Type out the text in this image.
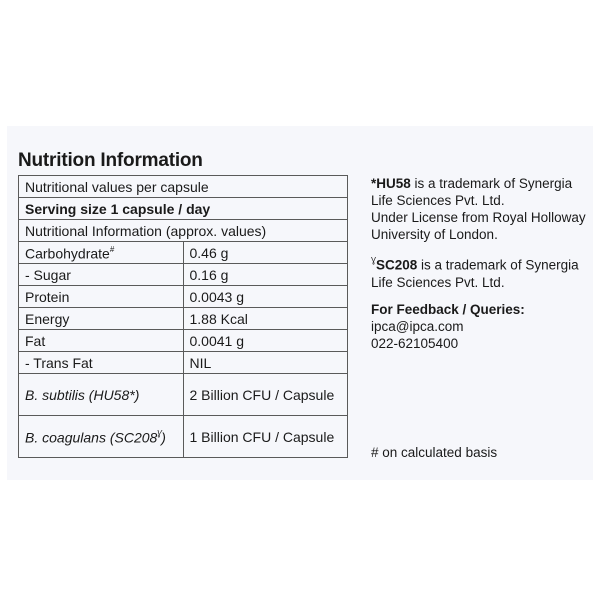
Nutrition Information
Nutritional values per capsule	
Serving size 1 capsule / day	
Nutritional Information (approx. values)	
Carbohydrate#	0.46 g
- Sugar	0.16 g
Protein	0.0043 g
Energy	1.88 Kcal
Fat	0.0041 g
- Trans Fat	NIL
B. subtilis (HU58*)	2 Billion CFU / Capsule
B. coagulans $(SC208^Ɣ)$	1 Billion CFU / Capsule

*HU58 is a trademark of Synergia

Life Sciences Pvt. Ltd.

Under License from Royal Holloway

University of London.

$^Ɣ$SC208 is a trademark of Synergia

Life Sciences Pvt. Ltd.

For Feedback / Queries:

ipca@ipca.com

022-62105400

# on calculated basis
